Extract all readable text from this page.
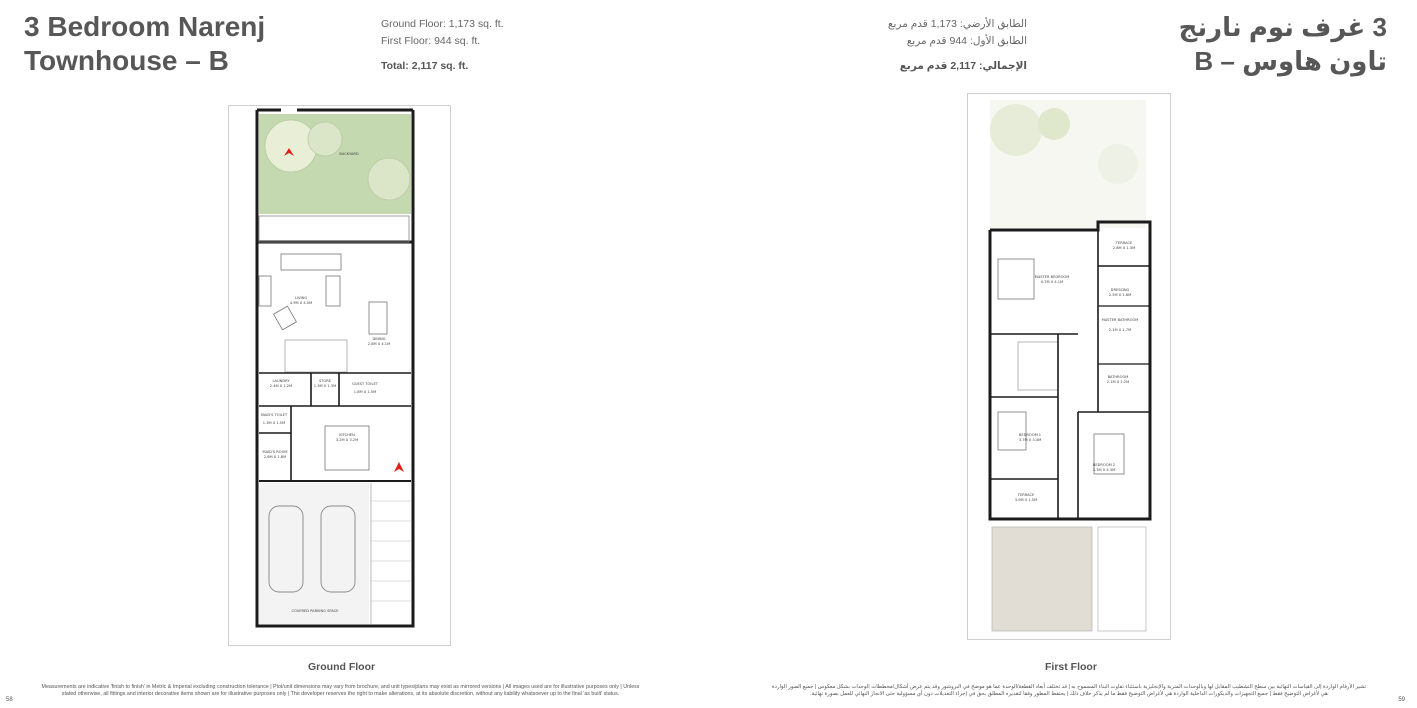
3 Bedroom Narenj
Townhouse – B
3 غرف نوم نارنج
تاون هاوس – B
Ground Floor: 1,173 sq. ft.
First Floor: 944 sq. ft.
Total: 2,117 sq. ft.
الطابق الأرضي: 1,173 قدم مربع
الطابق الأول: 944 قدم مربع
الإجمالي: 2,117 قدم مربع
BACKYARD
LIVING
4.9M X 4.0M
DINING
2.8M X 4.1M
LAUNDRY
2.4M X 1.2M
STORE
1.3M X 1.3M	GUEST TOILET
1.8M X 1.5M
MAID'S TOILET
1.3M X 1.5M
KITCHEN
3.2M X 3.2M
MAID'S ROOM
2.6M X 1.8M
COVERED PARKING SPACE
TERRACE
2.8M X 1.3M
MASTER BEDROOM
4.7M X 4.1M
DRESSING
2.5M X 1.6M
MASTER BATHROOM
2.1M X 1.7M
BATHROOM
2.1M X 2.2M
BEDROOM 1
3.7M X 3.4M
BEDROOM 2
3.3M X 4.3M
TERRACE
3.9M X 1.5M
Ground Floor	First Floor
Measurements are indicative 'finish to finish' in Metric & Imperial excluding construction tolerance | Plot/unit dimensions may vary from brochure, and unit types/plans may exist as mirrored versions | All images used are for illustrative purposes only | Unless stated otherwise, all fittings and interior decorative items shown are for illustrative purposes only | The developer reserves the right to make alterations, at its absolute discretion, without any liability whatsoever up to the final 'as built' status.
تشير الأرقام الواردة إلى القياسات النهائية بين سطح التشطيب المقابل لها وبالوحدات المترية والإنجليزية باستثناء تفاوت البناء المسموح به | قد تختلف أبعاد القطعة/الوحدة عما هو موضح في البروشور وقد يتم عرض أشكال/مخططات الوحدات بشكل معكوس | جميع الصور الواردة هي لأغراض التوضيح فقط | جميع التجهيزات والديكورات الداخلية الواردة هي لأغراض التوضيح فقط ما لم يذكر خلاف ذلك | يحتفظ المطور وفقا لتقديره المطلق بحق في إجراء التعديلات دون أي مسؤولية حتى الانجاز النهائي للعمل بصورة نهائية.
58	59
